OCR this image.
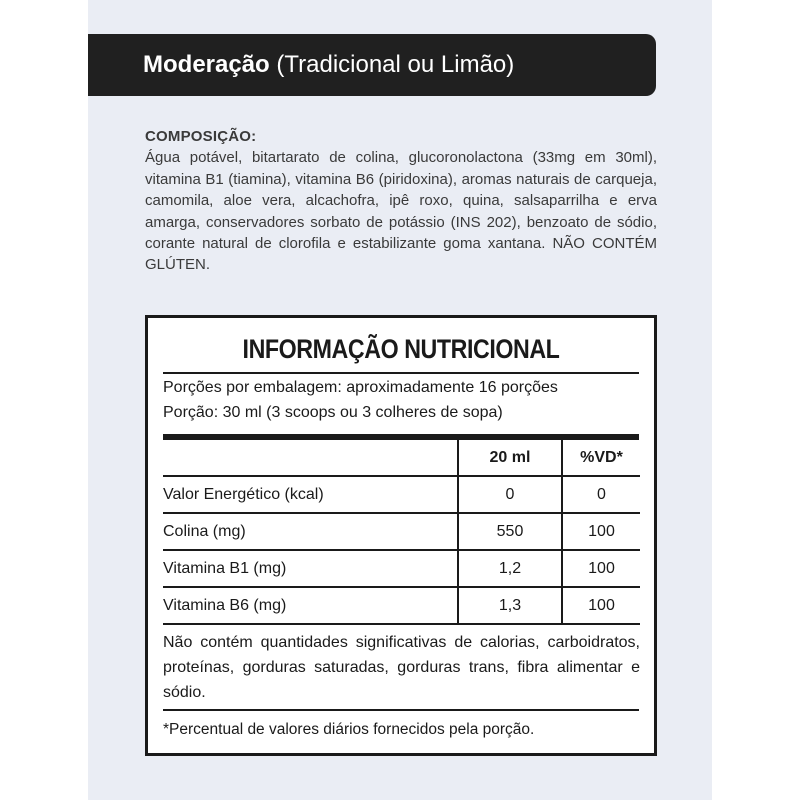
Moderação
(Tradicional ou Limão)
COMPOSIÇÃO:
Água potável, bitartarato de colina, glucoronolactona (33mg em 30ml), vitamina B1 (tiamina), vitamina B6 (piridoxina), aromas naturais de carqueja, camomila, aloe vera, alcachofra, ipê roxo, quina, salsaparrilha e erva amarga, conservadores sorbato de potássio (INS 202), benzoato de sódio, corante natural de clorofila e estabilizante goma xantana. NÃO CONTÉM GLÚTEN.
INFORMAÇÃO NUTRICIONAL
Porções por embalagem: aproximadamente 16 porções
Porção: 30 ml (3 scoops ou 3 colheres de sopa)
	20 ml	%VD*
Valor Energético (kcal)	0	0
Colina (mg)	550	100
Vitamina B1 (mg)	1,2	100
Vitamina B6 (mg)	1,3	100
Não contém quantidades significativas de calorias, carboidratos, proteínas, gorduras saturadas, gorduras trans, fibra alimentar e sódio.
*Percentual de valores diários fornecidos pela porção.
